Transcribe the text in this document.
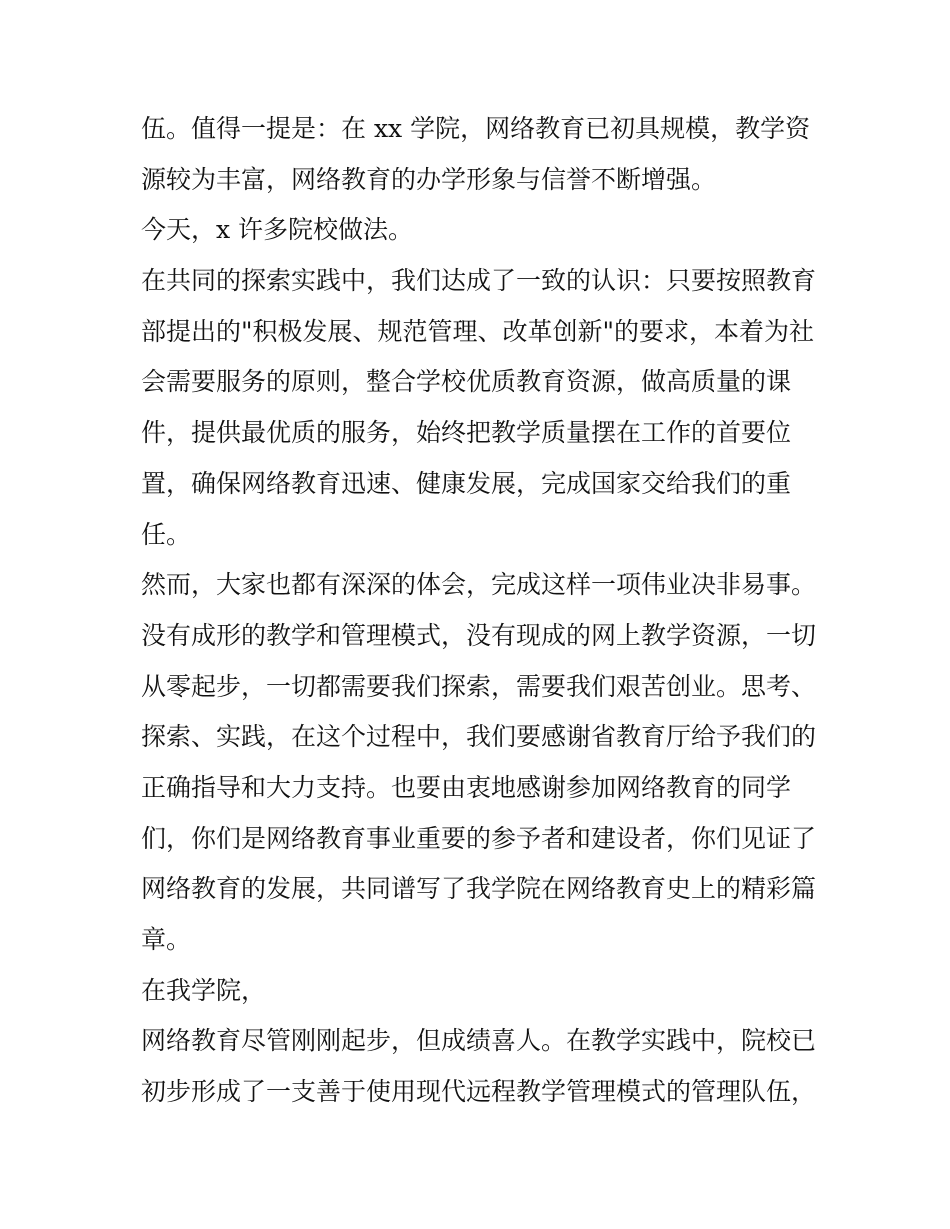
伍。值得一提是：在 xx 学院，网络教育已初具规模，教学资
源较为丰富，网络教育的办学形象与信誉不断增强。
今天，x 许多院校做法。
在共同的探索实践中，我们达成了一致的认识：只要按照教育
部提出的"积极发展、规范管理、改革创新"的要求，本着为社
会需要服务的原则，整合学校优质教育资源，做高质量的课
件，提供最优质的服务，始终把教学质量摆在工作的首要位
置，确保网络教育迅速、健康发展，完成国家交给我们的重
任。
然而，大家也都有深深的体会，完成这样一项伟业决非易事。
没有成形的教学和管理模式，没有现成的网上教学资源，一切
从零起步，一切都需要我们探索，需要我们艰苦创业。思考、
探索、实践，在这个过程中，我们要感谢省教育厅给予我们的
正确指导和大力支持。也要由衷地感谢参加网络教育的同学
们，你们是网络教育事业重要的参予者和建设者，你们见证了
网络教育的发展，共同谱写了我学院在网络教育史上的精彩篇
章。
在我学院，
网络教育尽管刚刚起步，但成绩喜人。在教学实践中，院校已
初步形成了一支善于使用现代远程教学管理模式的管理队伍，
